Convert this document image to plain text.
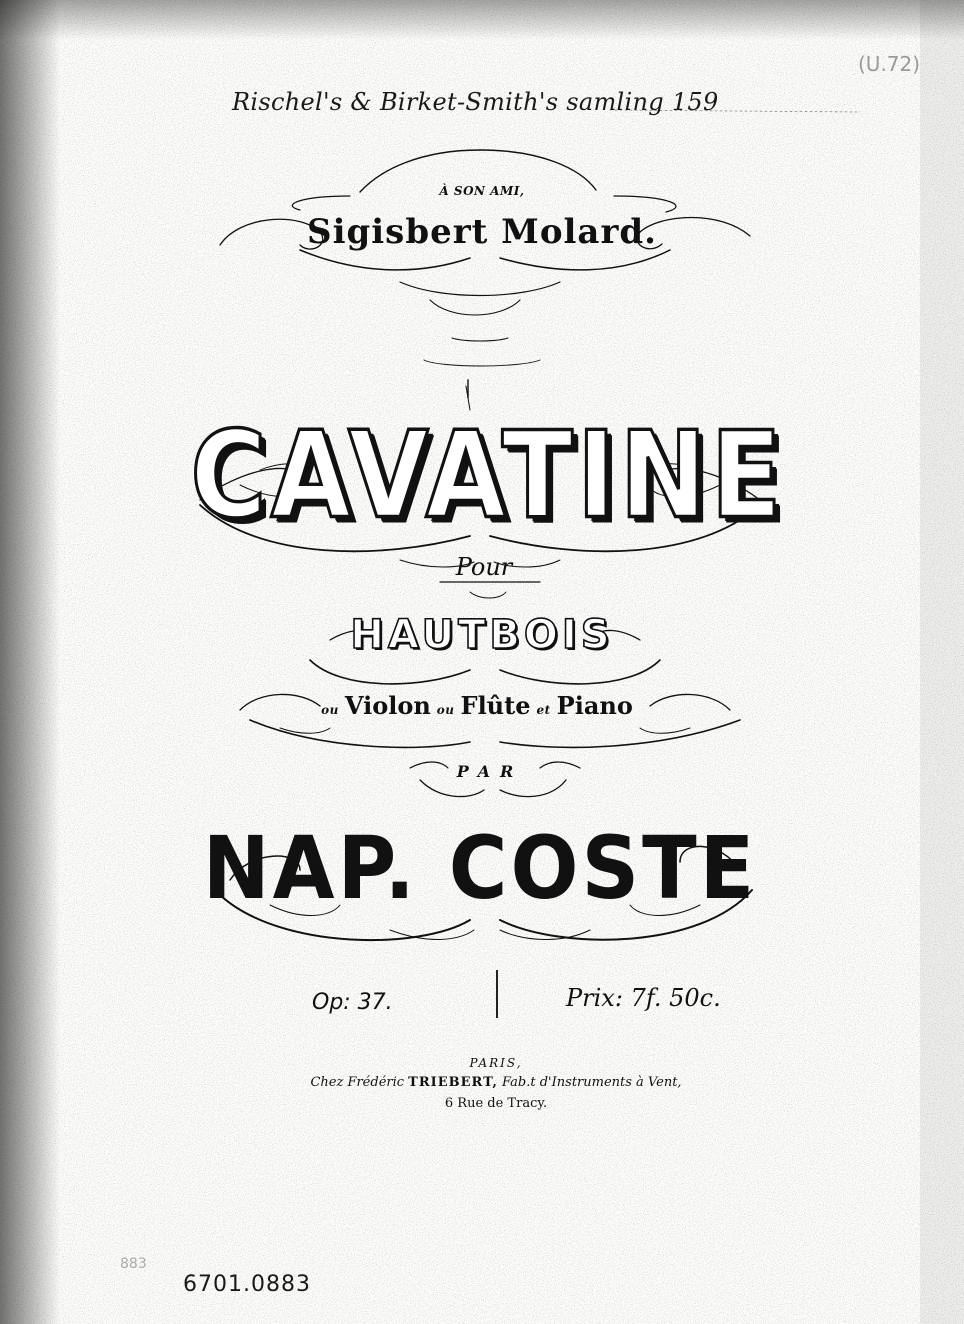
(U.72)
Rischel's & Birket-Smith's samling 159
À SON AMI,
Sigisbert Molard.
CAVATINE
Pour
HAUTBOIS
ou Violon ou Flûte et Piano
PAR
NAP. COSTE
Op: 37.	Prix: 7f. 50c.
PARIS,
Chez Frédéric TRIEBERT, Fab.t d'Instruments à Vent,
6 Rue de Tracy.
883
6701.0883
